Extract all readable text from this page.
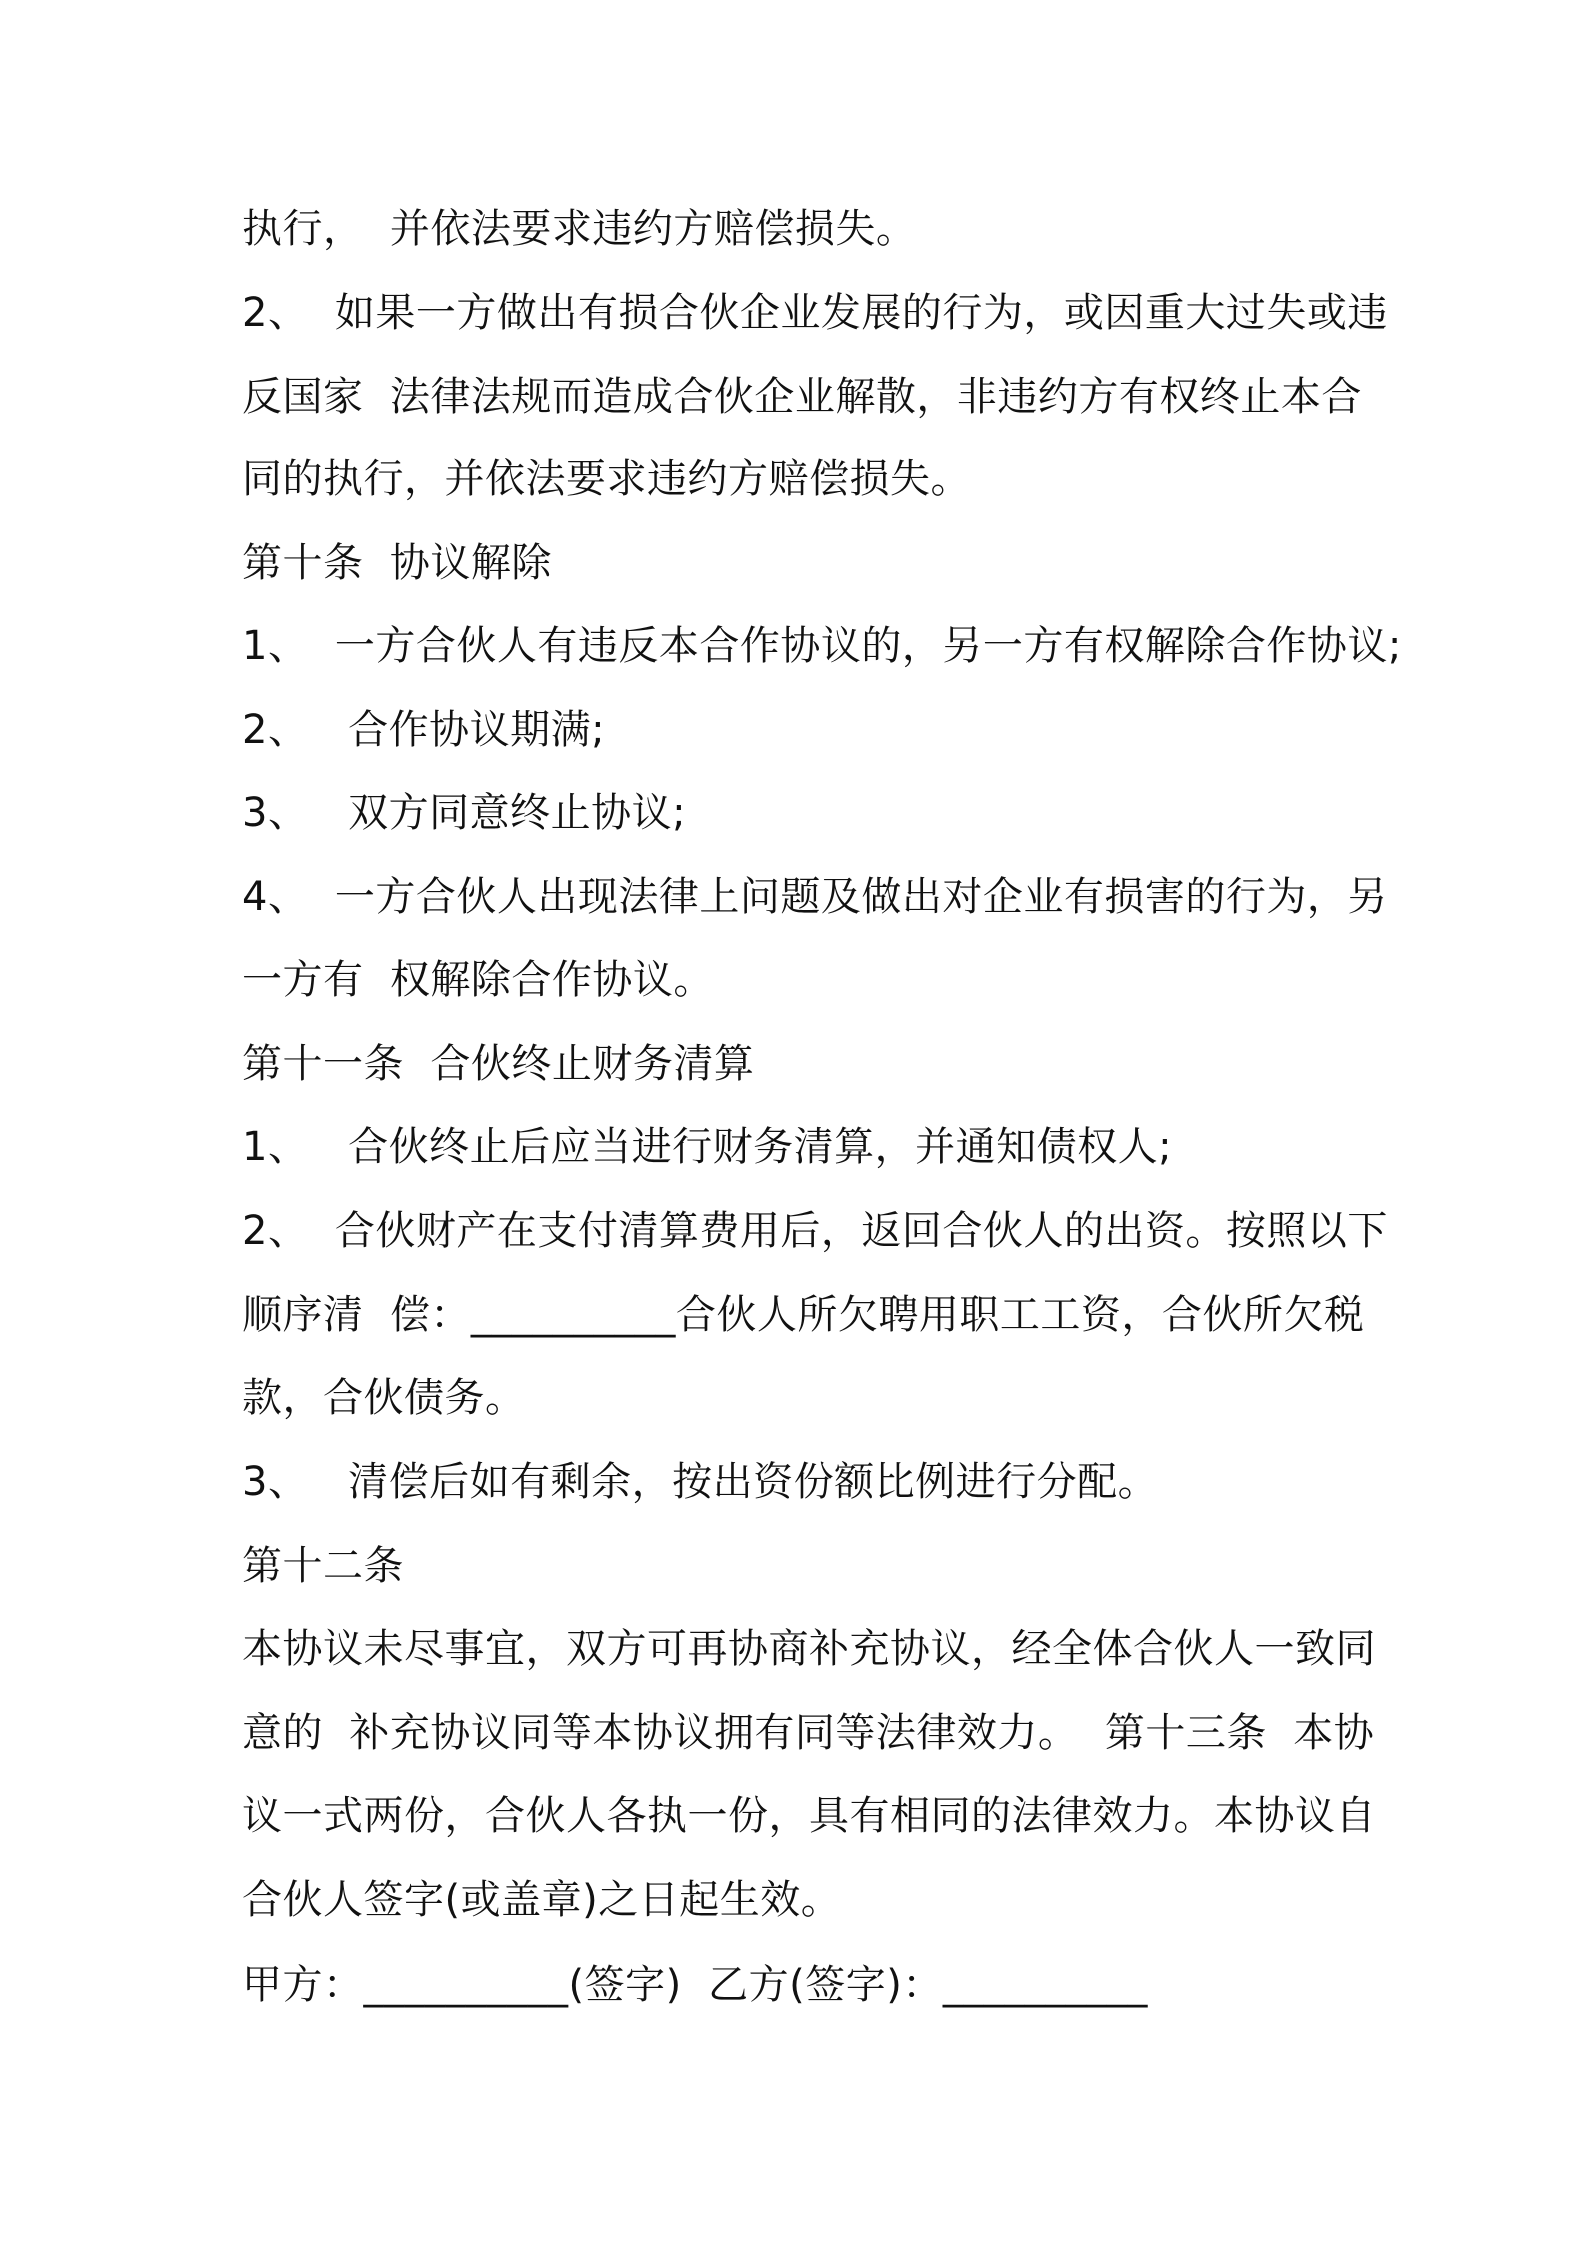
执行，  并依法要求违约方赔偿损失。
2、  如果一方做出有损合伙企业发展的行为，或因重大过失或违
反国家  法律法规而造成合伙企业解散，非违约方有权终止本合
同的执行，并依法要求违约方赔偿损失。
第十条  协议解除
1、  一方合伙人有违反本合作协议的，另一方有权解除合作协议;
2、   合作协议期满;
3、   双方同意终止协议;
4、  一方合伙人出现法律上问题及做出对企业有损害的行为，另
一方有  权解除合作协议。
第十一条  合伙终止财务清算
1、   合伙终止后应当进行财务清算，并通知债权人;
2、  合伙财产在支付清算费用后，返回合伙人的出资。按照以下
顺序清  偿：__________合伙人所欠聘用职工工资，合伙所欠税
款，合伙债务。
3、   清偿后如有剩余，按出资份额比例进行分配。
第十二条
本协议未尽事宜，双方可再协商补充协议，经全体合伙人一致同
意的  补充协议同等本协议拥有同等法律效力。  第十三条  本协
议一式两份，合伙人各执一份，具有相同的法律效力。本协议自
合伙人签字(或盖章)之日起生效。
甲方：__________(签字)  乙方(签字)：__________
